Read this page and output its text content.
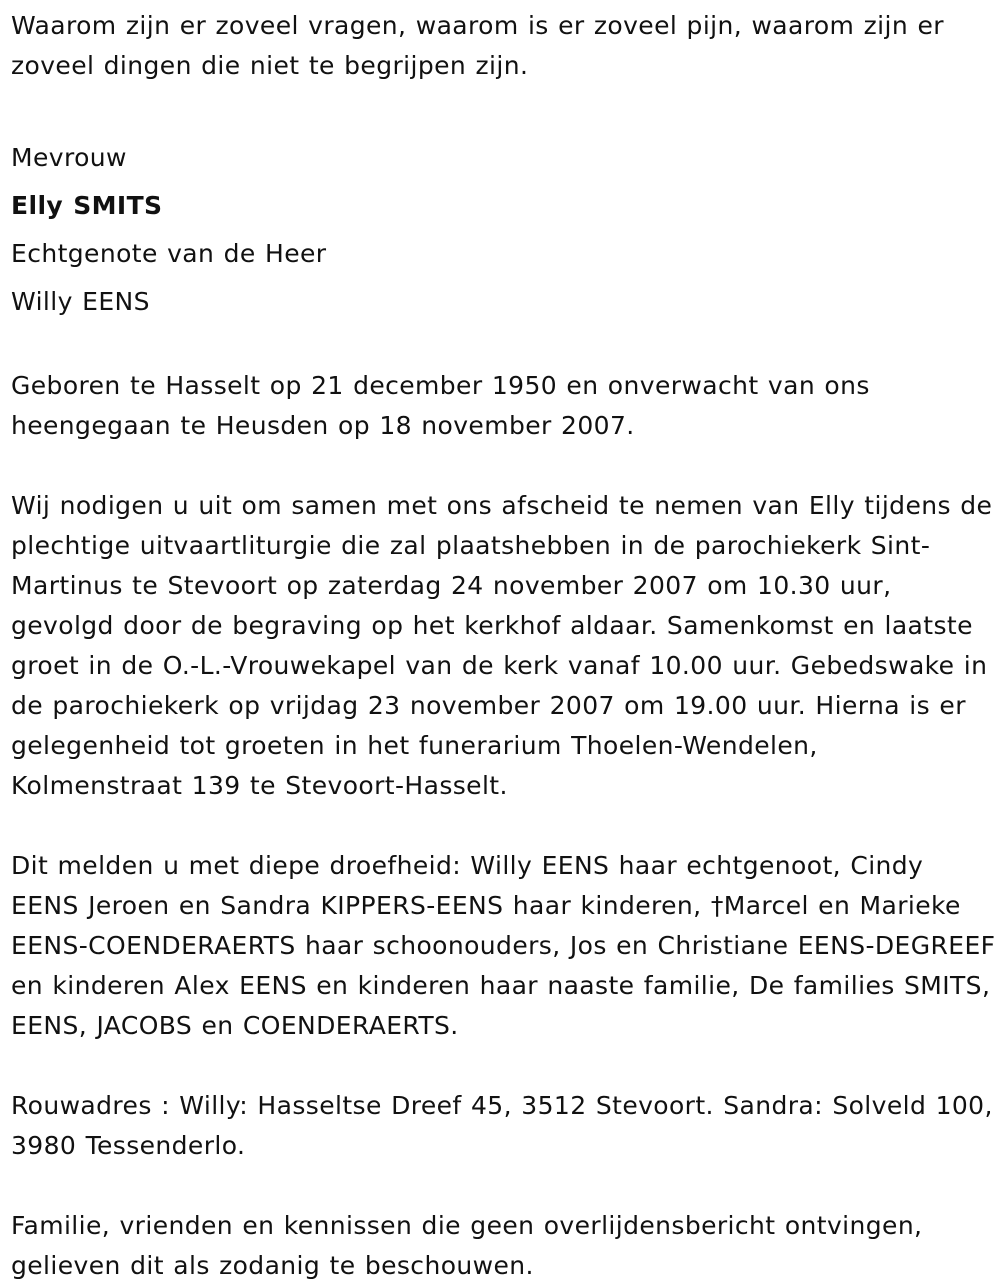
Waarom zijn er zoveel vragen, waarom is er zoveel pijn, waarom zijn er zoveel dingen die niet te begrijpen zijn.

Mevrouw

Elly SMITS

Echtgenote van de Heer

Willy EENS

Geboren te Hasselt op 21 december 1950 en onverwacht van ons heengegaan te Heusden op 18 november 2007.

Wij nodigen u uit om samen met ons afscheid te nemen van Elly tijdens de plechtige uitvaartliturgie die zal plaatshebben in de parochiekerk Sint-Martinus te Stevoort op zaterdag 24 november 2007 om 10.30 uur, gevolgd door de begraving op het kerkhof aldaar. Samenkomst en laatste groet in de O.-L.-Vrouwekapel van de kerk vanaf 10.00 uur. Gebedswake in de parochiekerk op vrijdag 23 november 2007 om 19.00 uur. Hierna is er gelegenheid tot groeten in het funerarium Thoelen-Wendelen, Kolmenstraat 139 te Stevoort-Hasselt.

Dit melden u met diepe droefheid: Willy EENS haar echtgenoot, Cindy EENS Jeroen en Sandra KIPPERS-EENS haar kinderen, †Marcel en Marieke EENS-COENDERAERTS haar schoonouders, Jos en Christiane EENS-DEGREEF en kinderen Alex EENS en kinderen haar naaste familie, De families SMITS, EENS, JACOBS en COENDERAERTS.

Rouwadres : Willy: Hasseltse Dreef 45, 3512 Stevoort. Sandra: Solveld 100, 3980 Tessenderlo.

Familie, vrienden en kennissen die geen overlijdensbericht ontvingen, gelieven dit als zodanig te beschouwen.
